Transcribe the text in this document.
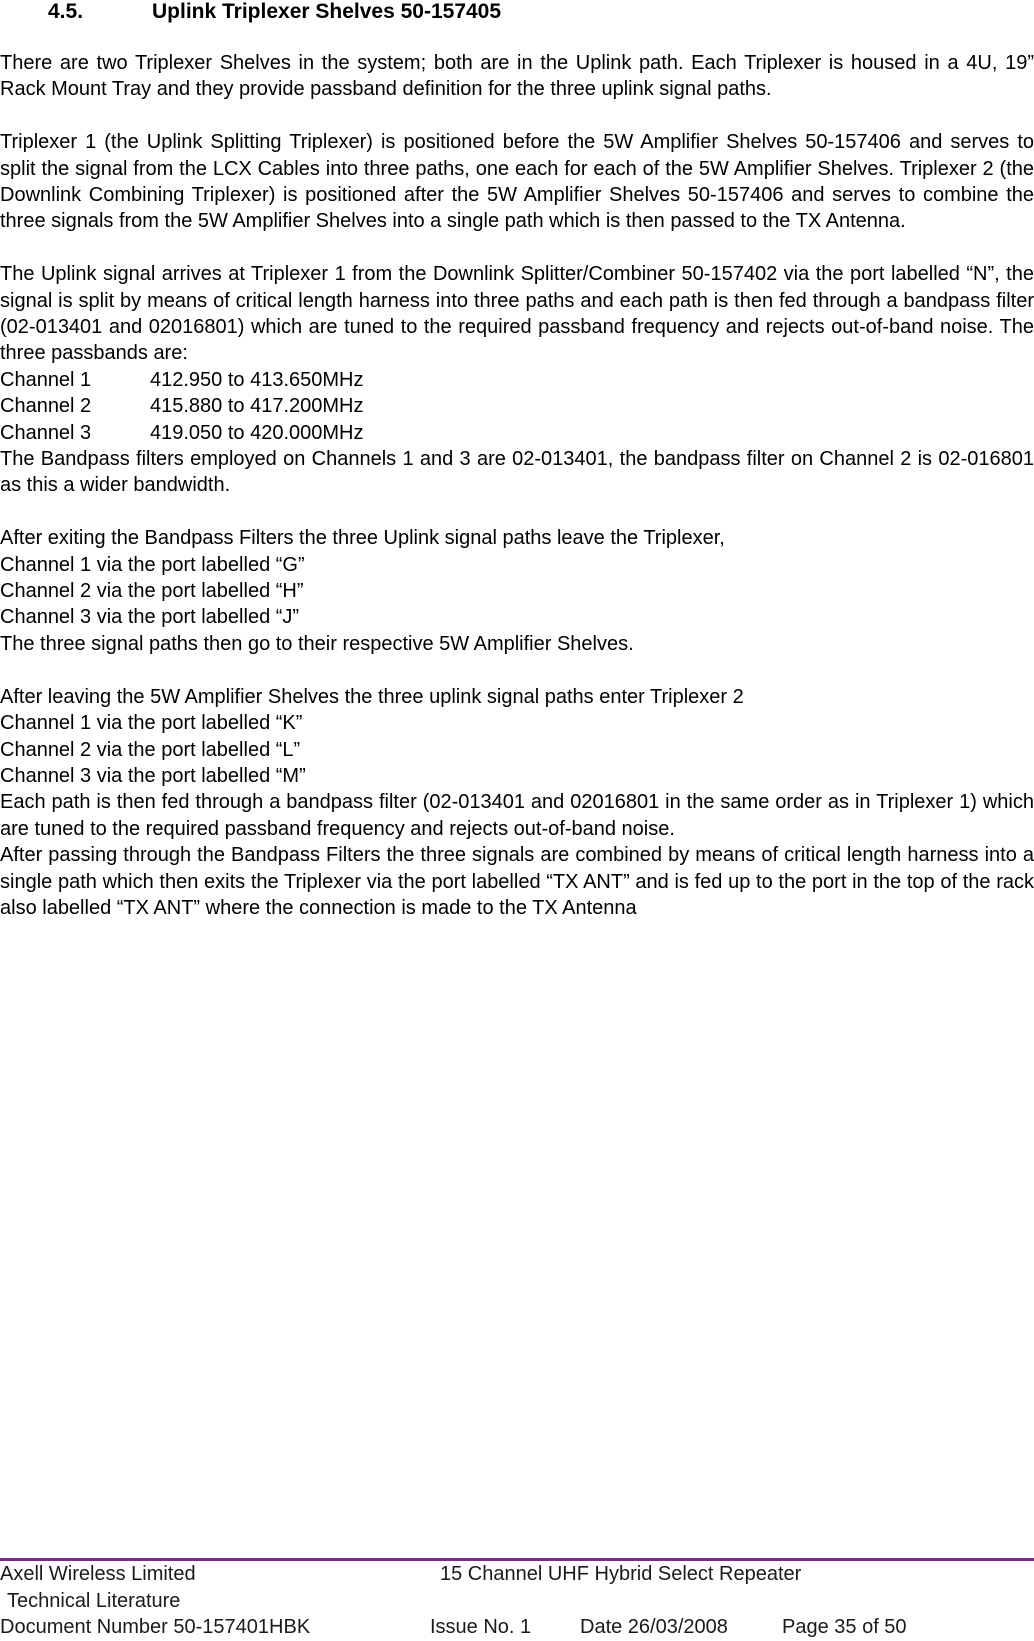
4.5.	Uplink Triplexer Shelves 50-157405

There are two Triplexer Shelves in the system; both are in the Uplink path. Each Triplexer is housed in a 4U, 19” Rack Mount Tray and they provide passband definition for the three uplink signal paths.

Triplexer 1 (the Uplink Splitting Triplexer) is positioned before the 5W Amplifier Shelves 50-157406 and serves to split the signal from the LCX Cables into three paths, one each for each of the 5W Amplifier Shelves. Triplexer 2 (the Downlink Combining Triplexer) is positioned after the 5W Amplifier Shelves 50-157406 and serves to combine the three signals from the 5W Amplifier Shelves into a single path which is then passed to the TX Antenna.

The Uplink signal arrives at Triplexer 1 from the Downlink Splitter/Combiner 50-157402 via the port labelled “N”, the signal is split by means of critical length harness into three paths and each path is then fed through a bandpass filter (02-013401 and 02016801) which are tuned to the required passband frequency and rejects out-of-band noise. The three passbands are:
Channel 1	412.950 to 413.650MHz
Channel 2	415.880 to 417.200MHz
Channel 3	419.050 to 420.000MHz
The Bandpass filters employed on Channels 1 and 3 are 02-013401, the bandpass filter on Channel 2 is 02-016801 as this a wider bandwidth.

After exiting the Bandpass Filters the three Uplink signal paths leave the Triplexer,
Channel 1 via the port labelled “G”
Channel 2 via the port labelled “H”
Channel 3 via the port labelled “J”
The three signal paths then go to their respective 5W Amplifier Shelves.

After leaving the 5W Amplifier Shelves the three uplink signal paths enter Triplexer 2
Channel 1 via the port labelled “K”
Channel 2 via the port labelled “L”
Channel 3 via the port labelled “M”
Each path is then fed through a bandpass filter (02-013401 and 02016801 in the same order as in Triplexer 1) which are tuned to the required passband frequency and rejects out-of-band noise.
After passing through the Bandpass Filters the three signals are combined by means of critical length harness into a single path which then exits the Triplexer via the port labelled “TX ANT” and is fed up to the port in the top of the rack also labelled “TX ANT” where the connection is made to the TX Antenna

Axell Wireless Limited	15 Channel UHF Hybrid Select Repeater
Technical Literature
Document Number 50-157401HBK	Issue No. 1 Date 26/03/2008	Page 35 of 50
